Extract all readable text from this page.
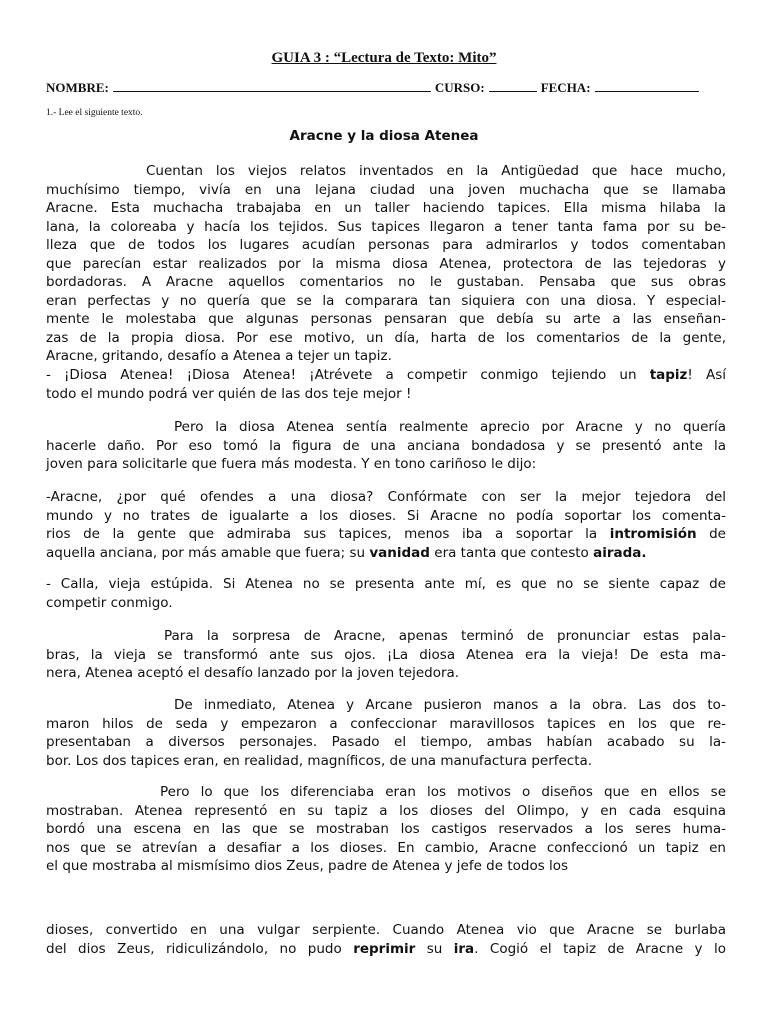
GUIA 3 : “Lectura de Texto: Mito”
NOMBRE:	CURSO:	FECHA:
1.- Lee el siguiente texto.
Aracne y la diosa Atenea
Cuentan los viejos relatos inventados en la Antigüedad que hace mucho,
muchísimo tiempo, vivía en una lejana ciudad una joven muchacha que se llamaba
Aracne. Esta muchacha trabajaba en un taller haciendo tapices. Ella misma hilaba la
lana, la coloreaba y hacía los tejidos. Sus tapices llegaron a tener tanta fama por su be-
lleza que de todos los lugares acudían personas para admirarlos y todos comentaban
que parecían estar realizados por la misma diosa Atenea, protectora de las tejedoras y
bordadoras. A Aracne aquellos comentarios no le gustaban. Pensaba que sus obras
eran perfectas y no quería que se la comparara tan siquiera con una diosa. Y especial-
mente le molestaba que algunas personas pensaran que debía su arte a las enseñan-
zas de la propia diosa. Por ese motivo, un día, harta de los comentarios de la gente,
Aracne, gritando, desafío a Atenea a tejer un tapiz.
- ¡Diosa Atenea! ¡Diosa Atenea! ¡Atrévete a competir conmigo tejiendo un tapiz! Así
todo el mundo podrá ver quién de las dos teje mejor !
Pero la diosa Atenea sentía realmente aprecio por Aracne y no quería
hacerle daño. Por eso tomó la figura de una anciana bondadosa y se presentó ante la
joven para solicitarle que fuera más modesta. Y en tono cariñoso le dijo:
-Aracne, ¿por qué ofendes a una diosa? Confórmate con ser la mejor tejedora del
mundo y no trates de igualarte a los dioses. Si Aracne no podía soportar los comenta-
rios de la gente que admiraba sus tapices, menos iba a soportar la intromisión de
aquella anciana, por más amable que fuera; su vanidad era tanta que contesto airada.
- Calla, vieja estúpida. Si Atenea no se presenta ante mí, es que no se siente capaz de
competir conmigo.
Para la sorpresa de Aracne, apenas terminó de pronunciar estas pala-
bras, la vieja se transformó ante sus ojos. ¡La diosa Atenea era la vieja! De esta ma-
nera, Atenea aceptó el desafío lanzado por la joven tejedora.
De inmediato, Atenea y Arcane pusieron manos a la obra. Las dos to-
maron hilos de seda y empezaron a confeccionar maravillosos tapices en los que re-
presentaban a diversos personajes. Pasado el tiempo, ambas habían acabado su la-
bor. Los dos tapices eran, en realidad, magníficos, de una manufactura perfecta.
Pero lo que los diferenciaba eran los motivos o diseños que en ellos se
mostraban. Atenea representó en su tapiz a los dioses del Olimpo, y en cada esquina
bordó una escena en las que se mostraban los castigos reservados a los seres huma-
nos que se atrevían a desafiar a los dioses. En cambio, Aracne confeccionó un tapiz en
el que mostraba al mismísimo dios Zeus, padre de Atenea y jefe de todos los
dioses, convertido en una vulgar serpiente. Cuando Atenea vio que Aracne se burlaba
del dios Zeus, ridiculizándolo, no pudo reprimir su ira. Cogió el tapiz de Aracne y lo
